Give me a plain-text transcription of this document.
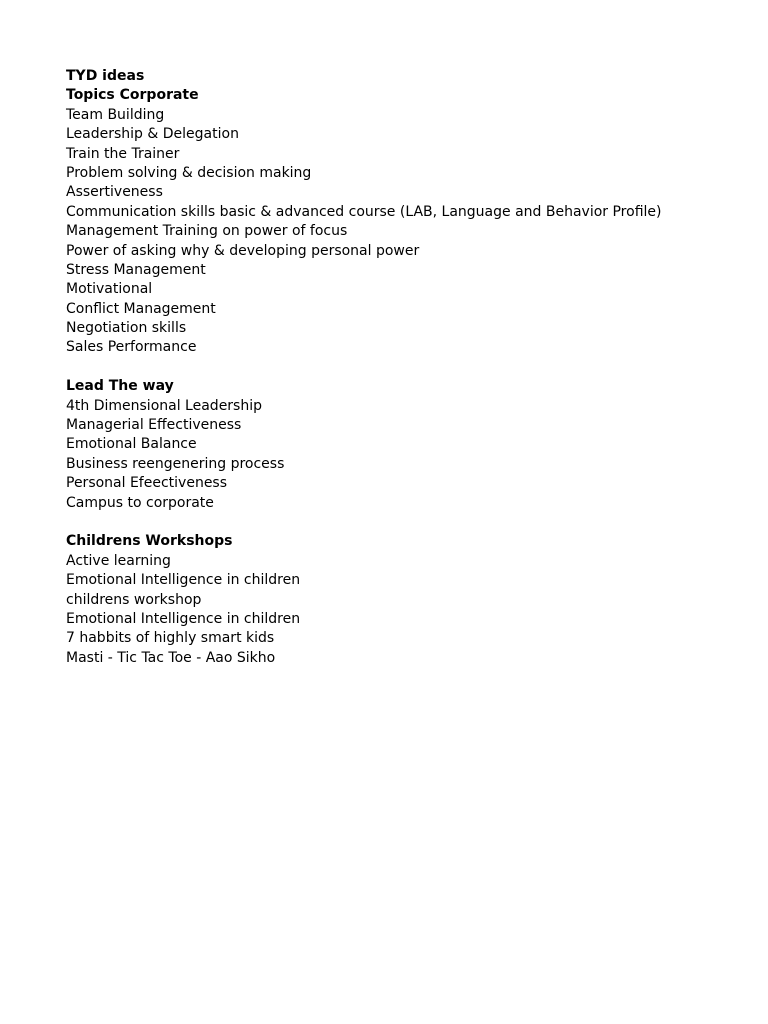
TYD ideas
Topics Corporate
Team Building
Leadership & Delegation
Train the Trainer
Problem solving & decision making
Assertiveness
Communication skills basic & advanced course (LAB, Language and Behavior Profile)
Management Training on power of focus
Power of asking why & developing personal power
Stress Management
Motivational
Conflict Management
Negotiation skills
Sales Performance
Lead The way
4th Dimensional Leadership
Managerial Effectiveness
Emotional Balance
Business reengenering process
Personal Efeectiveness
Campus to corporate
Childrens Workshops
Active learning
Emotional Intelligence in children
childrens workshop
Emotional Intelligence in children
7 habbits of highly smart kids
Masti - Tic Tac Toe - Aao Sikho
